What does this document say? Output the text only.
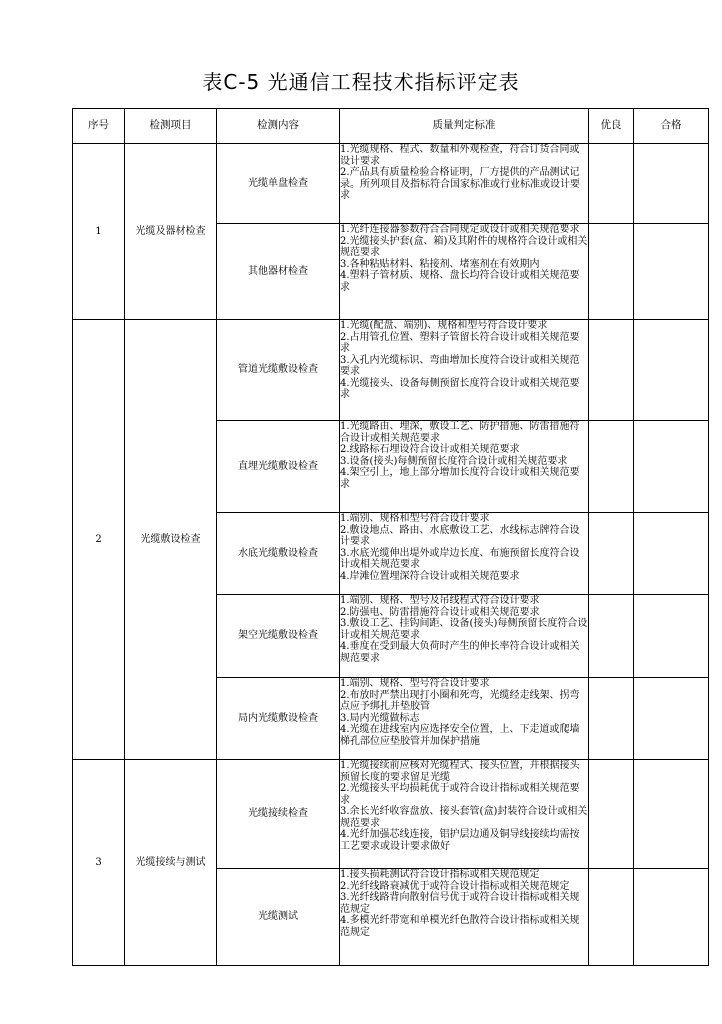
表C-5 光通信工程技术指标评定表
序号	检测项目	检测内容	质量判定标准	优良	合格
1	光缆及器材检查	光缆单盘检查	1.光缆规格、程式、数量和外观检查，符合订货合同或设计要求
2.产品具有质量检验合格证明，厂方提供的产品测试记录。所列项目及指标符合国家标准或行业标准或设计要求		

		其他器材检查	1.光纤连接器参数符合合同规定或设计或相关规范要求
2.光缆接头护套(盒、箱)及其附件的规格符合设计或相关规范要求
3.各种粘贴材料、粘接剂、堵塞剂在有效期内
4.塑料子管材质、规格、盘长均符合设计或相关规范要求		

2	光缆敷设检查	管道光缆敷设检查	1.光缆(配盘、端别)、规格和型号符合设计要求
2.占用管孔位置、塑料子管留长符合设计或相关规范要求
3.入孔内光缆标识、弯曲增加长度符合设计或相关规范要求
4.光缆接头、设备每侧预留长度符合设计或相关规范要求		

		直埋光缆敷设检查	1.光缆路由、埋深，敷设工艺、防护措施、防雷措施符合设计或相关规范要求
2.线路标石埋设符合设计或相关规范要求
3.设备(接头)每侧预留长度符合设计或相关规范要求
4.架空引上，地上部分增加长度符合设计或相关规范要求		

		水底光缆敷设检查	1.端别、规格和型号符合设计要求
2.敷设地点、路由、水底敷设工艺、水线标志牌符合设计要求
3.水底光缆伸出堤外或岸边长度、布施预留长度符合设计或相关规范要求
4.岸滩位置埋深符合设计或相关规范要求		

		架空光缆敷设检查	1.端别、规格、型号及吊线程式符合设计要求
2.防强电、防雷措施符合设计或相关规范要求
3.敷设工艺、挂钩间距、设备(接头)每侧预留长度符合设计或相关规范要求
4.垂度在受到最大负荷时产生的伸长率符合设计或相关规范要求		

		局内光缆敷设检查	1.端别、规格、型号符合设计要求
2.布放时严禁出现打小圈和死弯，光缆经走线架、拐弯点应予绑扎并垫胶管
3.局内光缆做标志
4.光缆在进线室内应选择安全位置，上、下走道或爬墙梯孔部位应垫胶管并加保护措施		

3	光缆接续与测试	光缆接续检查	1.光缆接续前应核对光缆程式、接头位置，并根据接头预留长度的要求留足光缆
2.光缆接头平均损耗优于或符合设计指标或相关规范要求
3.余长光纤收容盘放、接头套管(盒)封装符合设计或相关规范要求
4.光纤加强芯线连接，铝护层边通及铜导线接续均需按工艺要求或设计要求做好		

		光缆测试	1.接头损耗测试符合设计指标或相关规范规定
2.光纤线路衰减优于或符合设计指标或相关规范规定
3.光纤线路背向散射信号优于或符合设计指标或相关规范规定
4.多模光纤带宽和单模光纤色散符合设计指标或相关规范规定		
